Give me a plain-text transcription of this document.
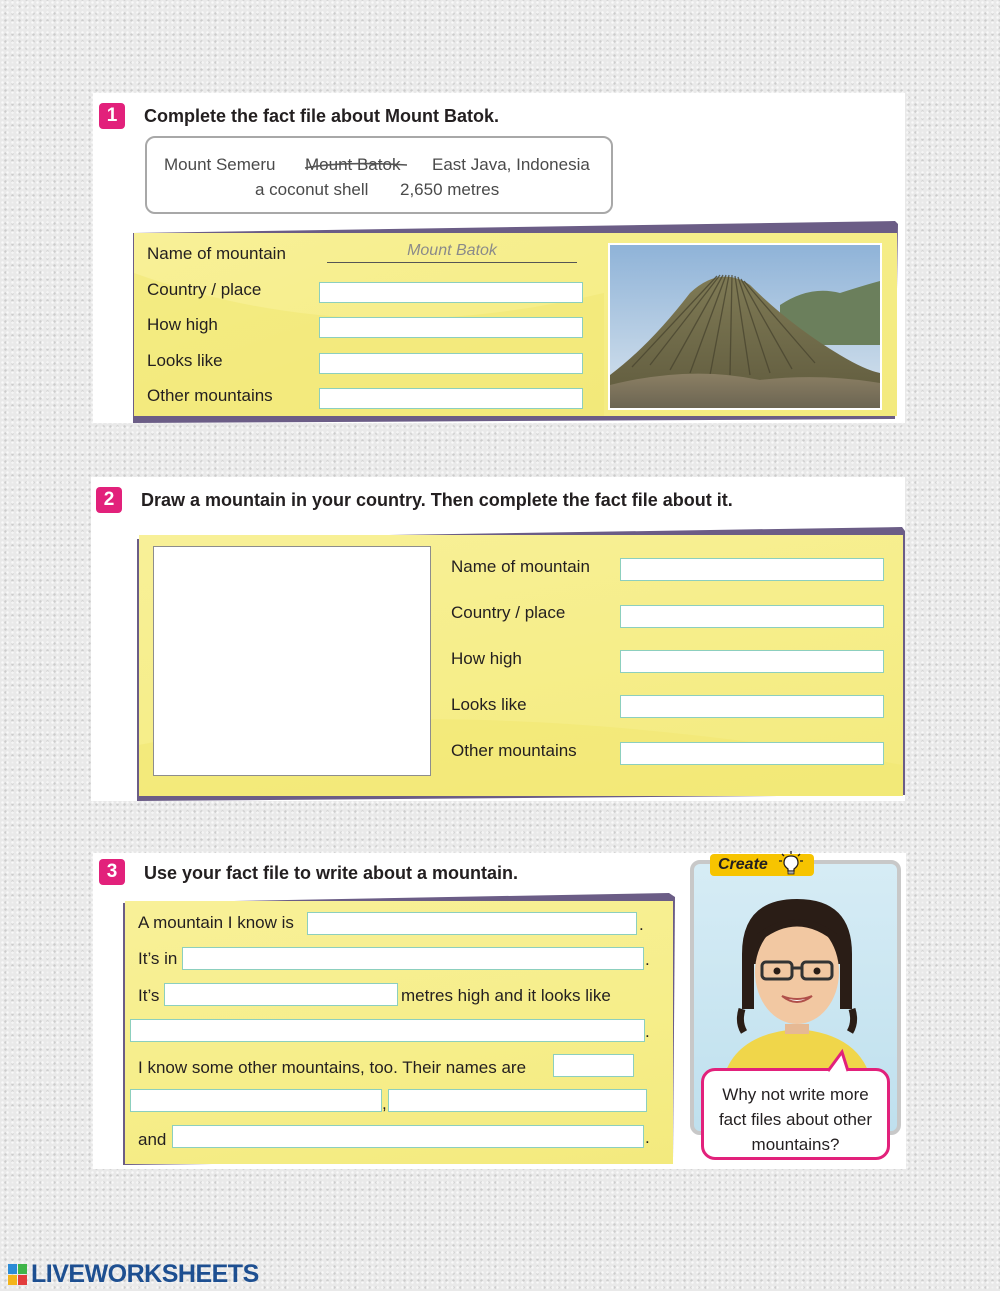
1	Complete the fact file about Mount Batok.
Mount Semeru Mount Batok East Java, Indonesia
a coconut shell 2,650 metres
Name of mountain	Mount Batok
Country / place
How high
Looks like
Other mountains
2	Draw a mountain in your country. Then complete the fact file about it.
Name of mountain
Country / place
How high
Looks like
Other mountains
3	Use your fact file to write about a mountain.
A mountain I know is	.
It’s in	.
It’s	metres high and it looks like
.
I know some other mountains, too. Their names are
,
and	.
Why not write more fact files about other mountains?
Create
LIVEWORKSHEETS
